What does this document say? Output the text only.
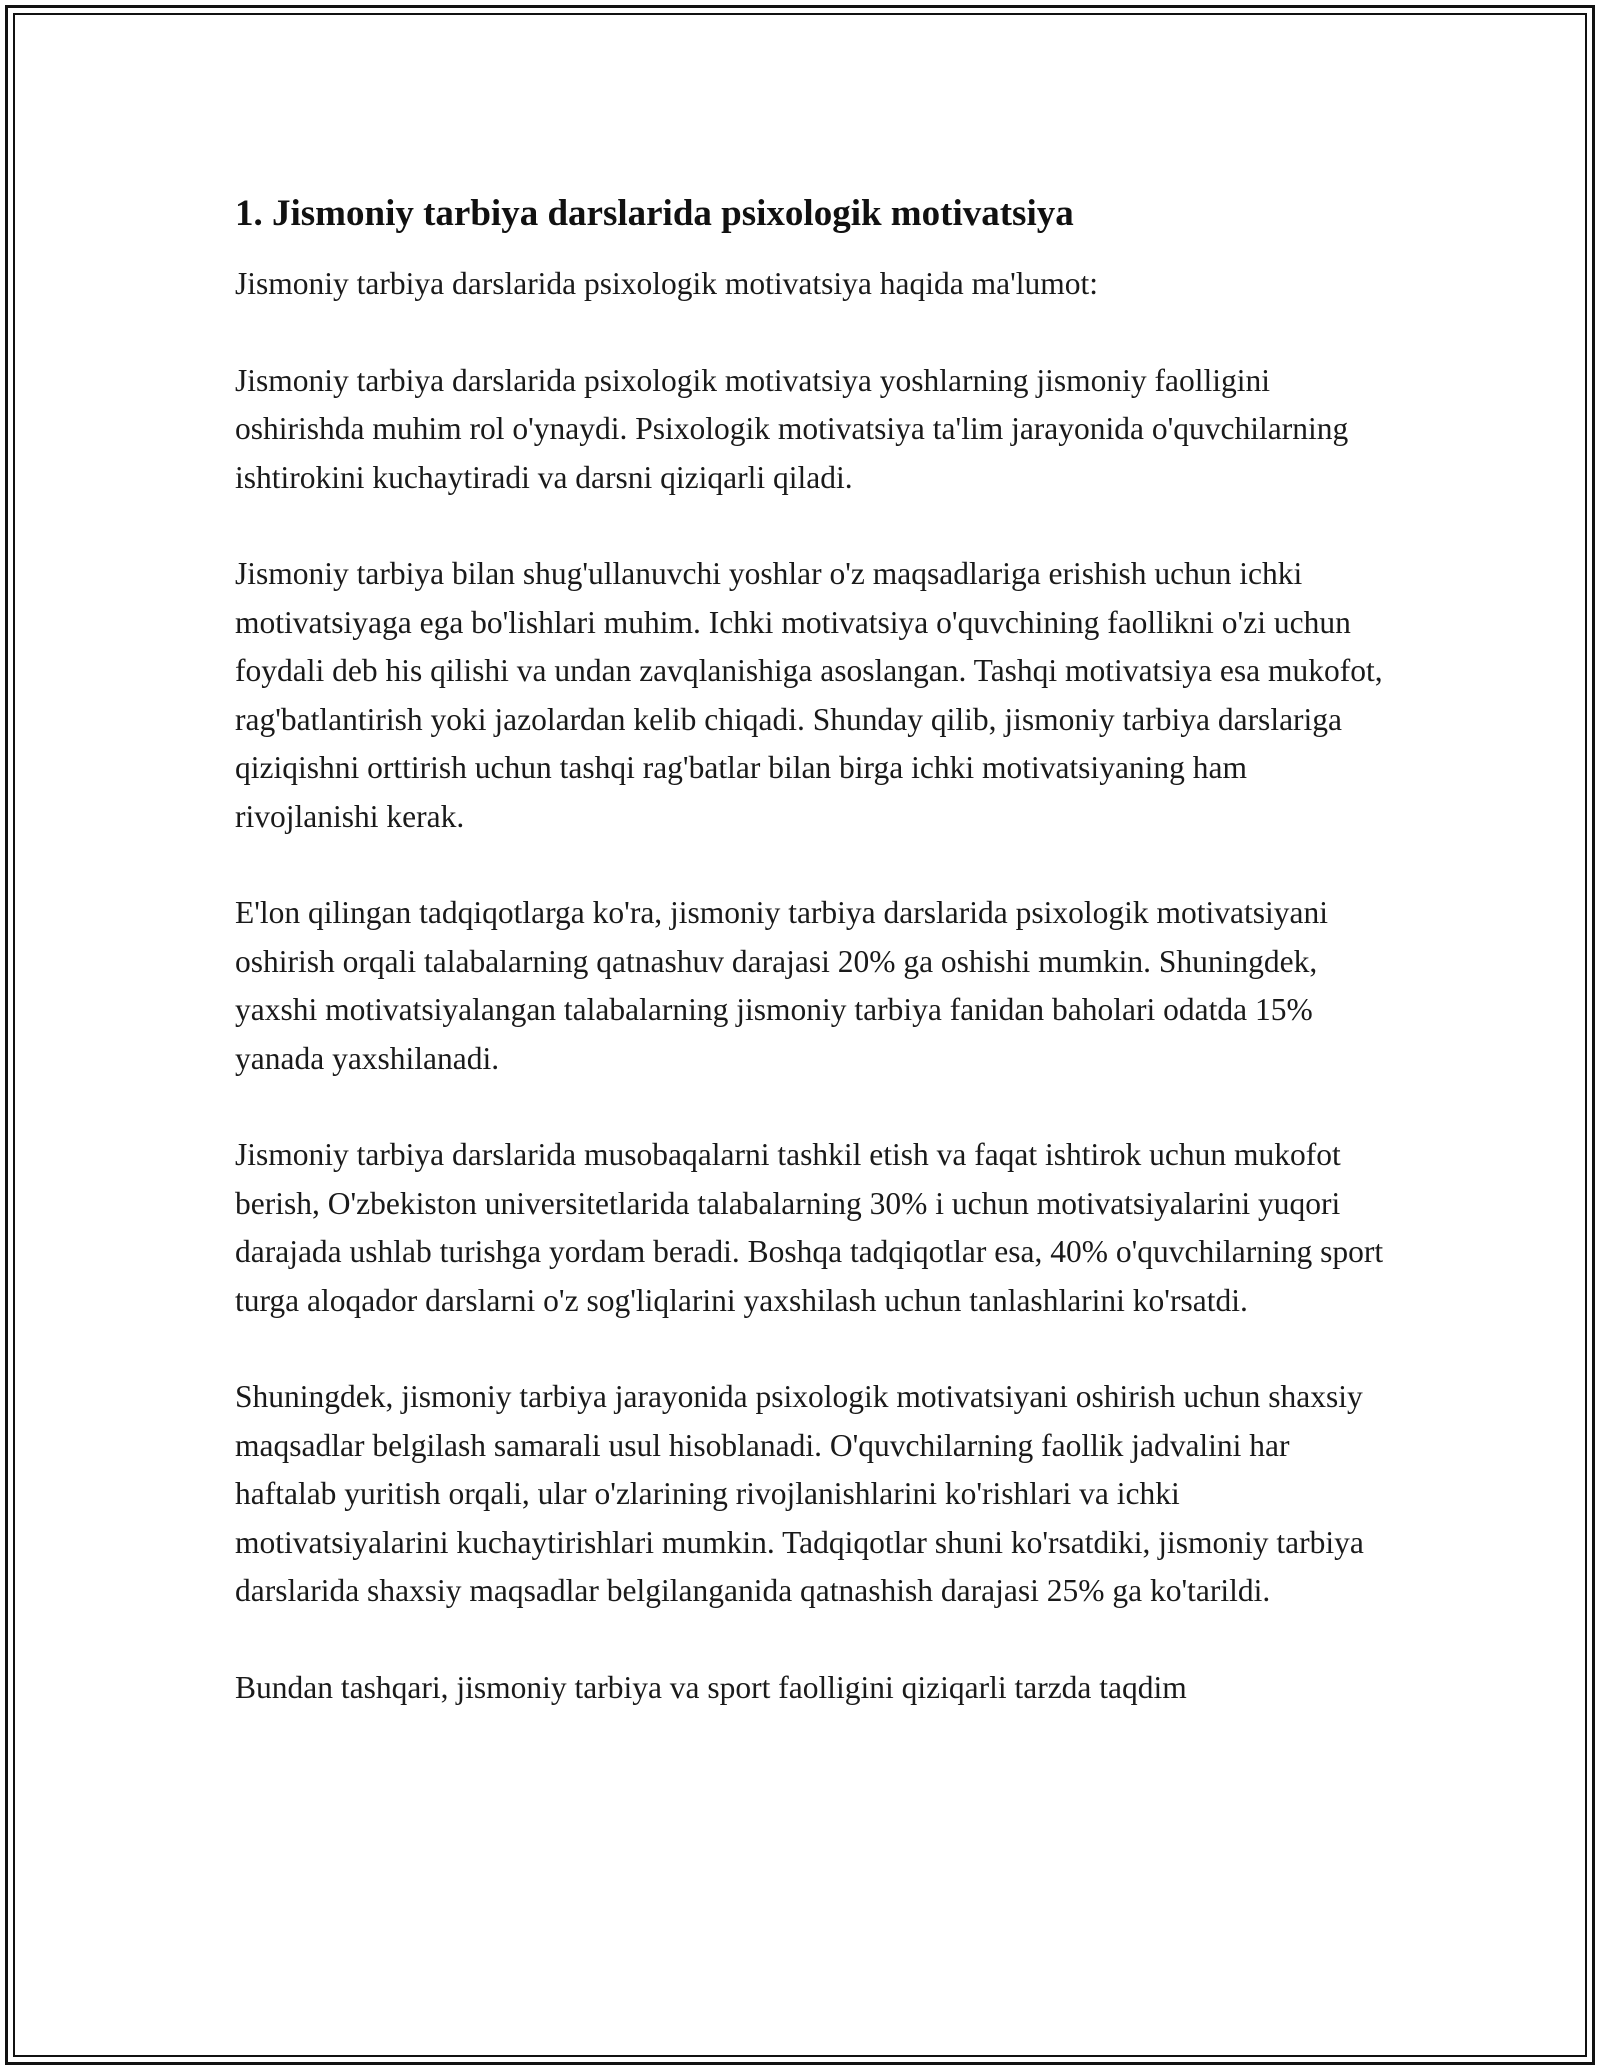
1. Jismoniy tarbiya darslarida psixologik motivatsiya

Jismoniy tarbiya darslarida psixologik motivatsiya haqida ma'lumot:

Jismoniy tarbiya darslarida psixologik motivatsiya yoshlarning jismoniy faolligini oshirishda muhim rol o'ynaydi. Psixologik motivatsiya ta'lim jarayonida o'quvchilarning ishtirokini kuchaytiradi va darsni qiziqarli qiladi.

Jismoniy tarbiya bilan shug'ullanuvchi yoshlar o'z maqsadlariga erishish uchun ichki motivatsiyaga ega bo'lishlari muhim. Ichki motivatsiya o'quvchining faollikni o'zi uchun foydali deb his qilishi va undan zavqlanishiga asoslangan. Tashqi motivatsiya esa mukofot, rag'batlantirish yoki jazolardan kelib chiqadi. Shunday qilib, jismoniy tarbiya darslariga qiziqishni orttirish uchun tashqi rag'batlar bilan birga ichki motivatsiyaning ham rivojlanishi kerak.

E'lon qilingan tadqiqotlarga ko'ra, jismoniy tarbiya darslarida psixologik motivatsiyani oshirish orqali talabalarning qatnashuv darajasi 20% ga oshishi mumkin. Shuningdek, yaxshi motivatsiyalangan talabalarning jismoniy tarbiya fanidan baholari odatda 15% yanada yaxshilanadi.

Jismoniy tarbiya darslarida musobaqalarni tashkil etish va faqat ishtirok uchun mukofot berish, O'zbekiston universitetlarida talabalarning 30% i uchun motivatsiyalarini yuqori darajada ushlab turishga yordam beradi. Boshqa tadqiqotlar esa, 40% o'quvchilarning sport turga aloqador darslarni o'z sog'liqlarini yaxshilash uchun tanlashlarini ko'rsatdi.

Shuningdek, jismoniy tarbiya jarayonida psixologik motivatsiyani oshirish uchun shaxsiy maqsadlar belgilash samarali usul hisoblanadi. O'quvchilarning faollik jadvalini har haftalab yuritish orqali, ular o'zlarining rivojlanishlarini ko'rishlari va ichki motivatsiyalarini kuchaytirishlari mumkin. Tadqiqotlar shuni ko'rsatdiki, jismoniy tarbiya darslarida shaxsiy maqsadlar belgilanganida qatnashish darajasi 25% ga ko'tarildi.

Bundan tashqari, jismoniy tarbiya va sport faolligini qiziqarli tarzda taqdim
